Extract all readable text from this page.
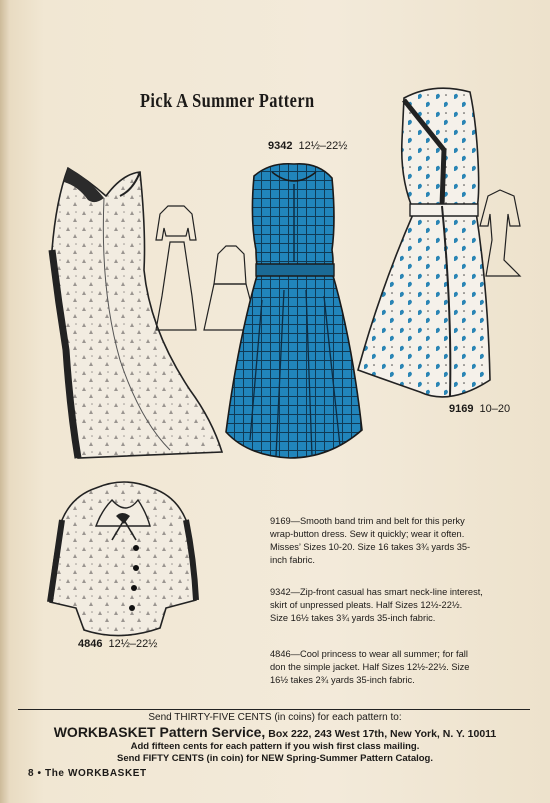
Pick A Summer Pattern
9342 12½–22½
9169 10–20
4846 12½–22½

9169—Smooth band trim and belt for this perky

wrap-button dress. Sew it quickly; wear it often.

Misses’ Sizes 10-20. Size 16 takes 3¾ yards 35-

inch fabric.

9342—Zip-front casual has smart neck-line interest,

skirt of unpressed pleats. Half Sizes 12½-22½.

Size 16½ takes 3¾ yards 35-inch fabric.

4846—Cool princess to wear all summer; for fall

don the simple jacket. Half Sizes 12½-22½. Size

16½ takes 2¾ yards 35-inch fabric.

Send THIRTY-FIVE CENTS (in coins) for each pattern to:
WORKBASKET Pattern Service, Box 222, 243 West 17th, New York, N. Y. 10011
Add fifteen cents for each pattern if you wish first class mailing.
Send FIFTY CENTS (in coin) for NEW Spring-Summer Pattern Catalog.
8 • The WORKBASKET
